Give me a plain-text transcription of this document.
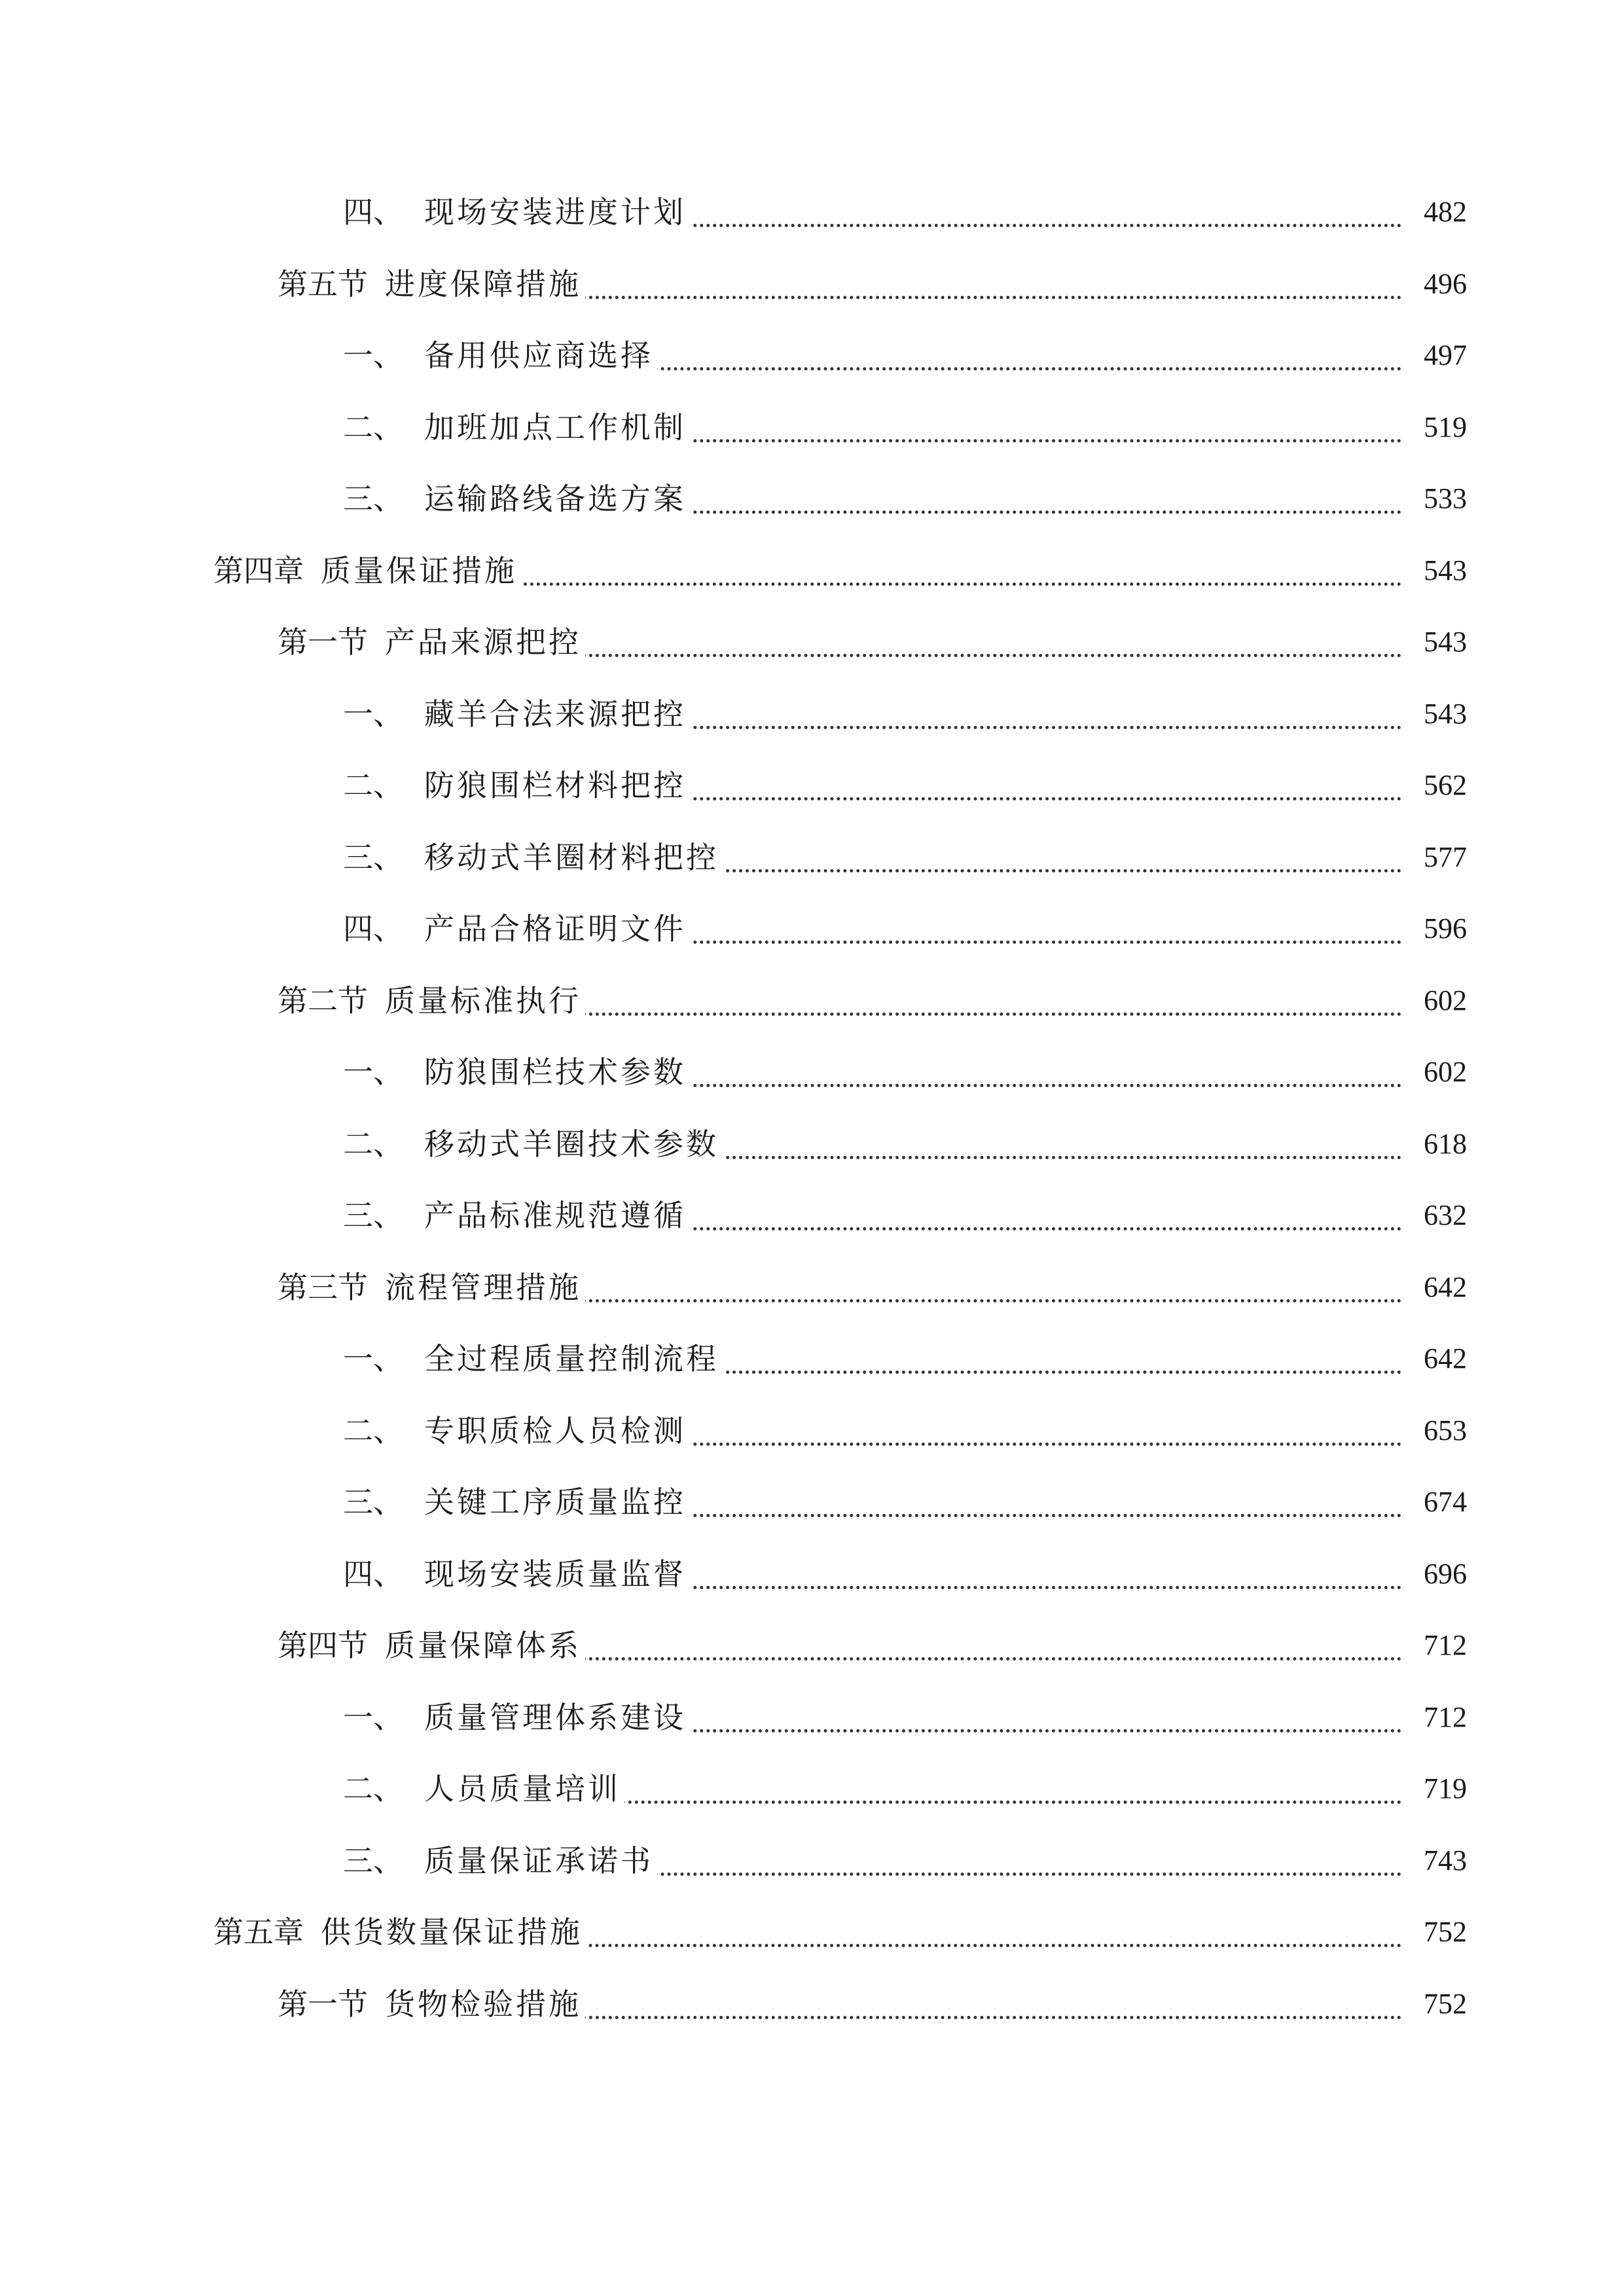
四、 现场安装进度计划	482
第五节 进度保障措施	496
一、 备用供应商选择	497
二、 加班加点工作机制	519
三、 运输路线备选方案	533
第四章 质量保证措施	543
第一节 产品来源把控	543
一、 藏羊合法来源把控	543
二、 防狼围栏材料把控	562
三、 移动式羊圈材料把控	577
四、 产品合格证明文件	596
第二节 质量标准执行	602
一、 防狼围栏技术参数	602
二、 移动式羊圈技术参数	618
三、 产品标准规范遵循	632
第三节 流程管理措施	642
一、 全过程质量控制流程	642
二、 专职质检人员检测	653
三、 关键工序质量监控	674
四、 现场安装质量监督	696
第四节 质量保障体系	712
一、 质量管理体系建设	712
二、 人员质量培训	719
三、 质量保证承诺书	743
第五章 供货数量保证措施	752
第一节 货物检验措施	752
